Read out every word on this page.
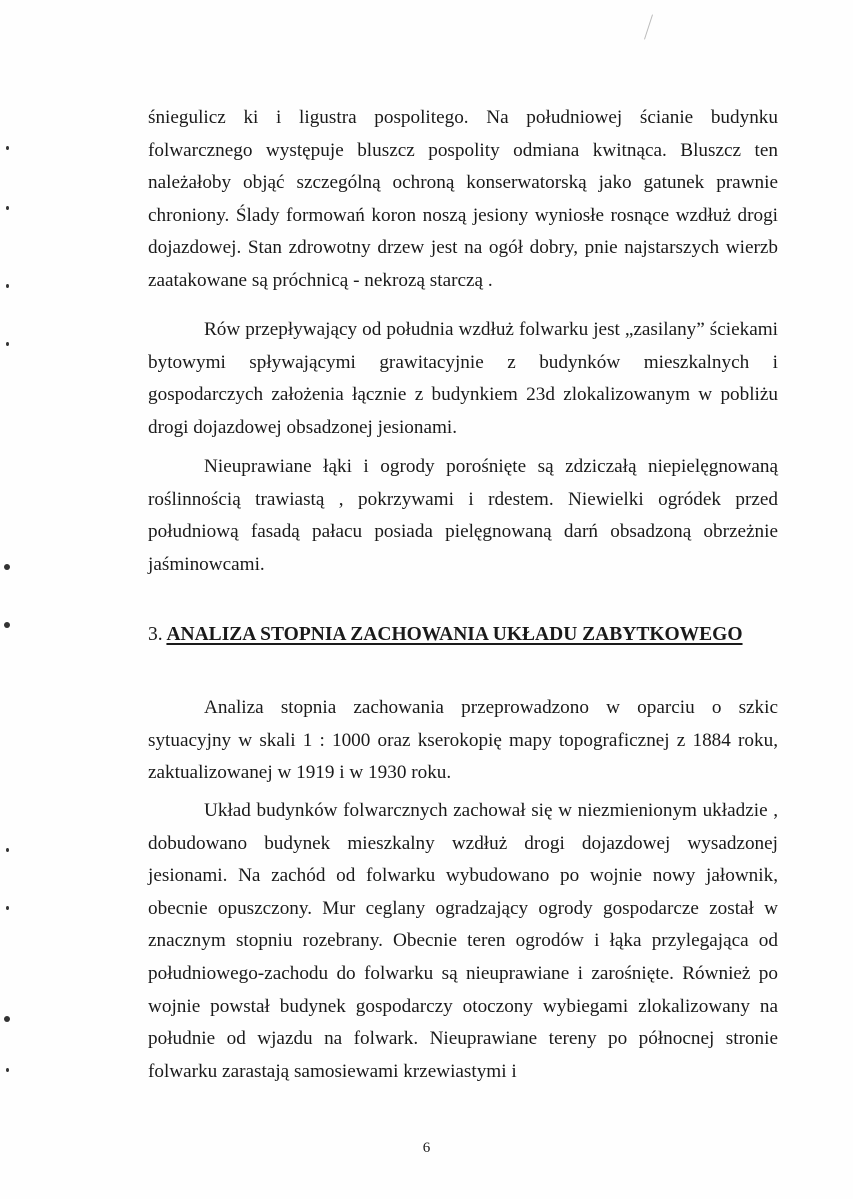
śniegulicz ki i ligustra pospolitego. Na południowej ścianie budynku folwarcznego występuje bluszcz pospolity odmiana kwitnąca. Bluszcz ten należałoby objąć szczególną ochroną konserwatorską jako gatunek prawnie chroniony. Ślady formowań koron noszą jesiony wyniosłe rosnące wzdłuż drogi dojazdowej. Stan zdrowotny drzew jest na ogół dobry, pnie najstarszych wierzb zaatakowane są próchnicą - nekrozą starczą .

Rów przepływający od południa wzdłuż folwarku jest „zasilany” ściekami bytowymi spływającymi grawitacyjnie z budynków mieszkalnych i gospodarczych założenia łącznie z budynkiem 23d zlokalizowanym w pobliżu drogi dojazdowej obsadzonej jesionami.

Nieuprawiane łąki i ogrody porośnięte są zdziczałą niepielęgnowaną roślinnością trawiastą , pokrzywami i rdestem. Niewielki ogródek przed południową fasadą pałacu posiada pielęgnowaną darń obsadzoną obrzeżnie jaśminowcami.

3. ANALIZA STOPNIA ZACHOWANIA UKŁADU ZABYTKOWEGO

Analiza stopnia zachowania przeprowadzono w oparciu o szkic sytuacyjny w skali 1 : 1000 oraz kserokopię mapy topograficznej z 1884 roku, zaktualizowanej w 1919 i w 1930 roku.

Układ budynków folwarcznych zachował się w niezmienionym układzie , dobudowano budynek mieszkalny wzdłuż drogi dojazdowej wysadzonej jesionami. Na zachód od folwarku wybudowano po wojnie nowy jałownik, obecnie opuszczony. Mur ceglany ogradzający ogrody gospodarcze został w znacznym stopniu rozebrany. Obecnie teren ogrodów i łąka przylegająca od południowego-zachodu do folwarku są nieuprawiane i zarośnięte. Również po wojnie powstał budynek gospodarczy otoczony wybiegami zlokalizowany na południe od wjazdu na folwark. Nieuprawiane tereny po północnej stronie folwarku zarastają samosiewami krzewiastymi i

6
